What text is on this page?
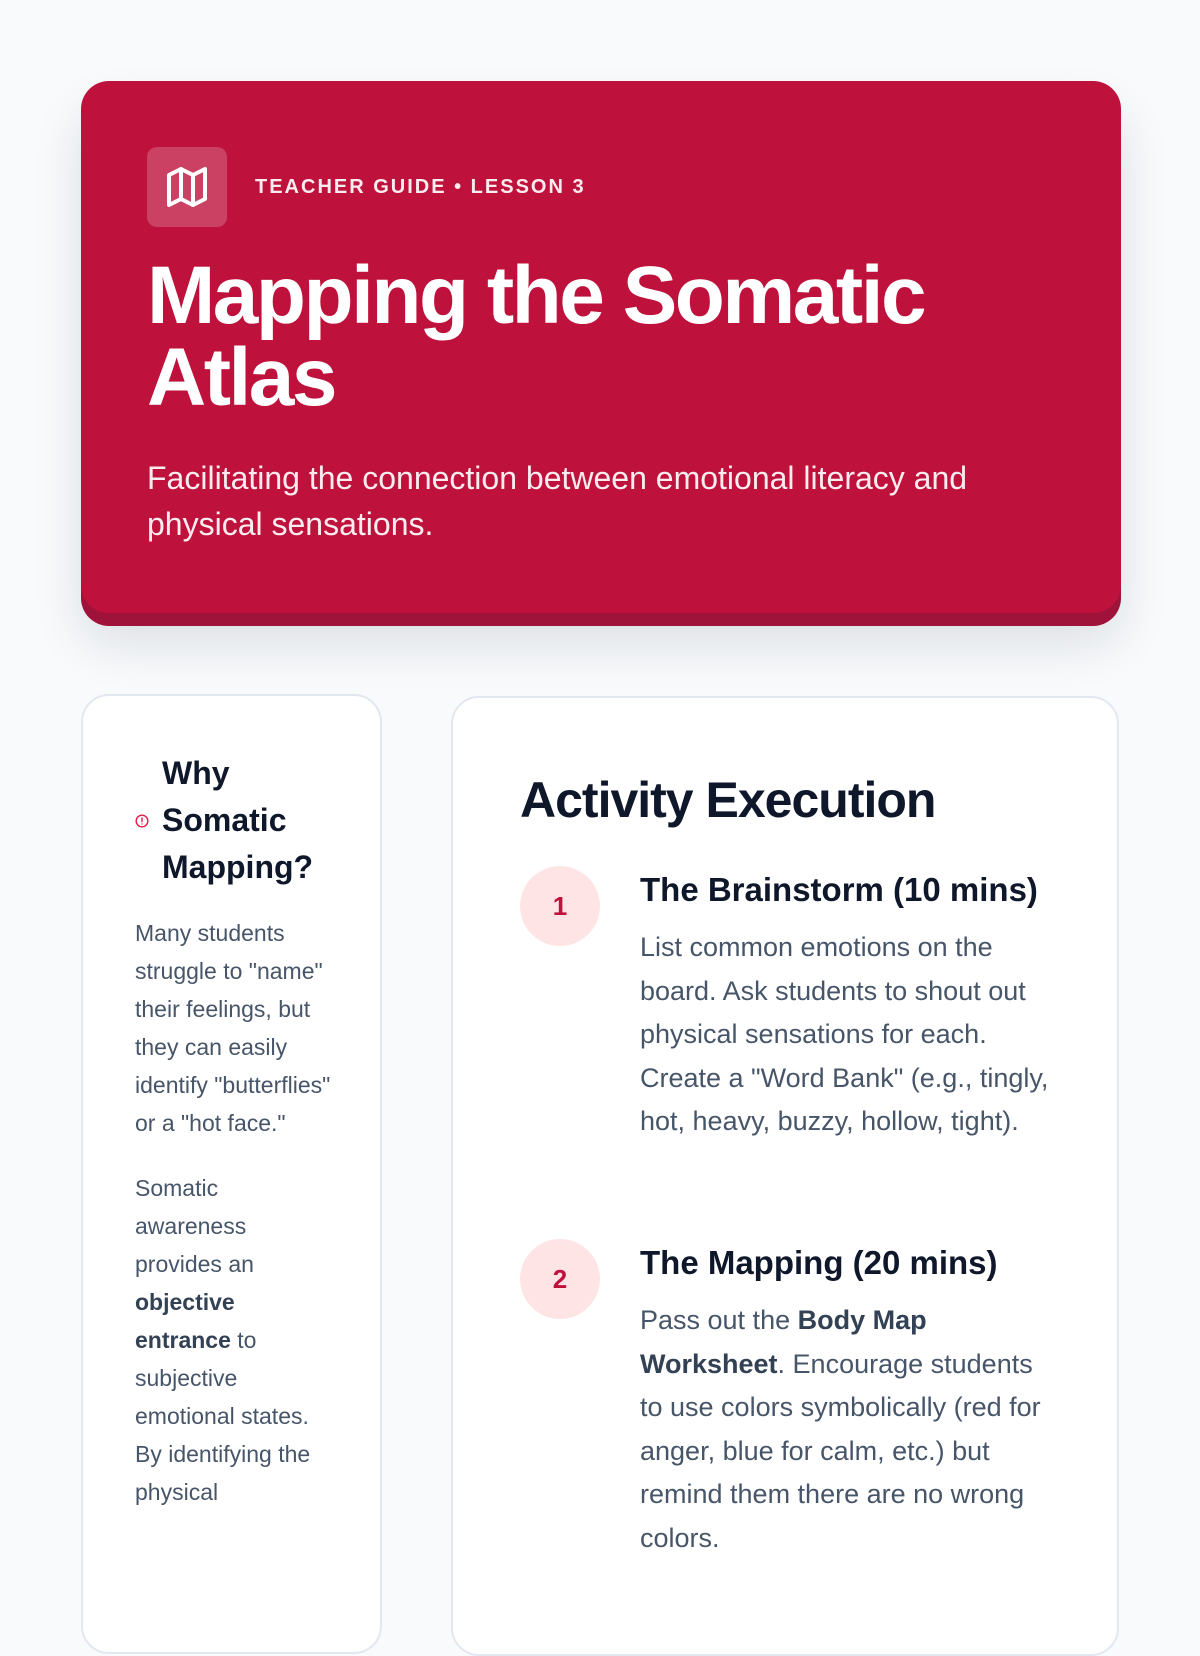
TEACHER GUIDE • LESSON 3
Mapping the Somatic Atlas

Facilitating the connection between emotional literacy and physical sensations.

Why Somatic Mapping?

Many students struggle to "name" their feelings, but they can easily identify "butterflies" or a "hot face."

Somatic awareness provides an objective entrance to subjective emotional states. By identifying the physical

Activity Execution
1	The Brainstorm (10 mins)

List common emotions on the board. Ask students to shout out physical sensations for each. Create a "Word Bank" (e.g., tingly, hot, heavy, buzzy, hollow, tight).

2	The Mapping (20 mins)

Pass out the Body Map Worksheet. Encourage students to use colors symbolically (red for anger, blue for calm, etc.) but remind them there are no wrong colors.
